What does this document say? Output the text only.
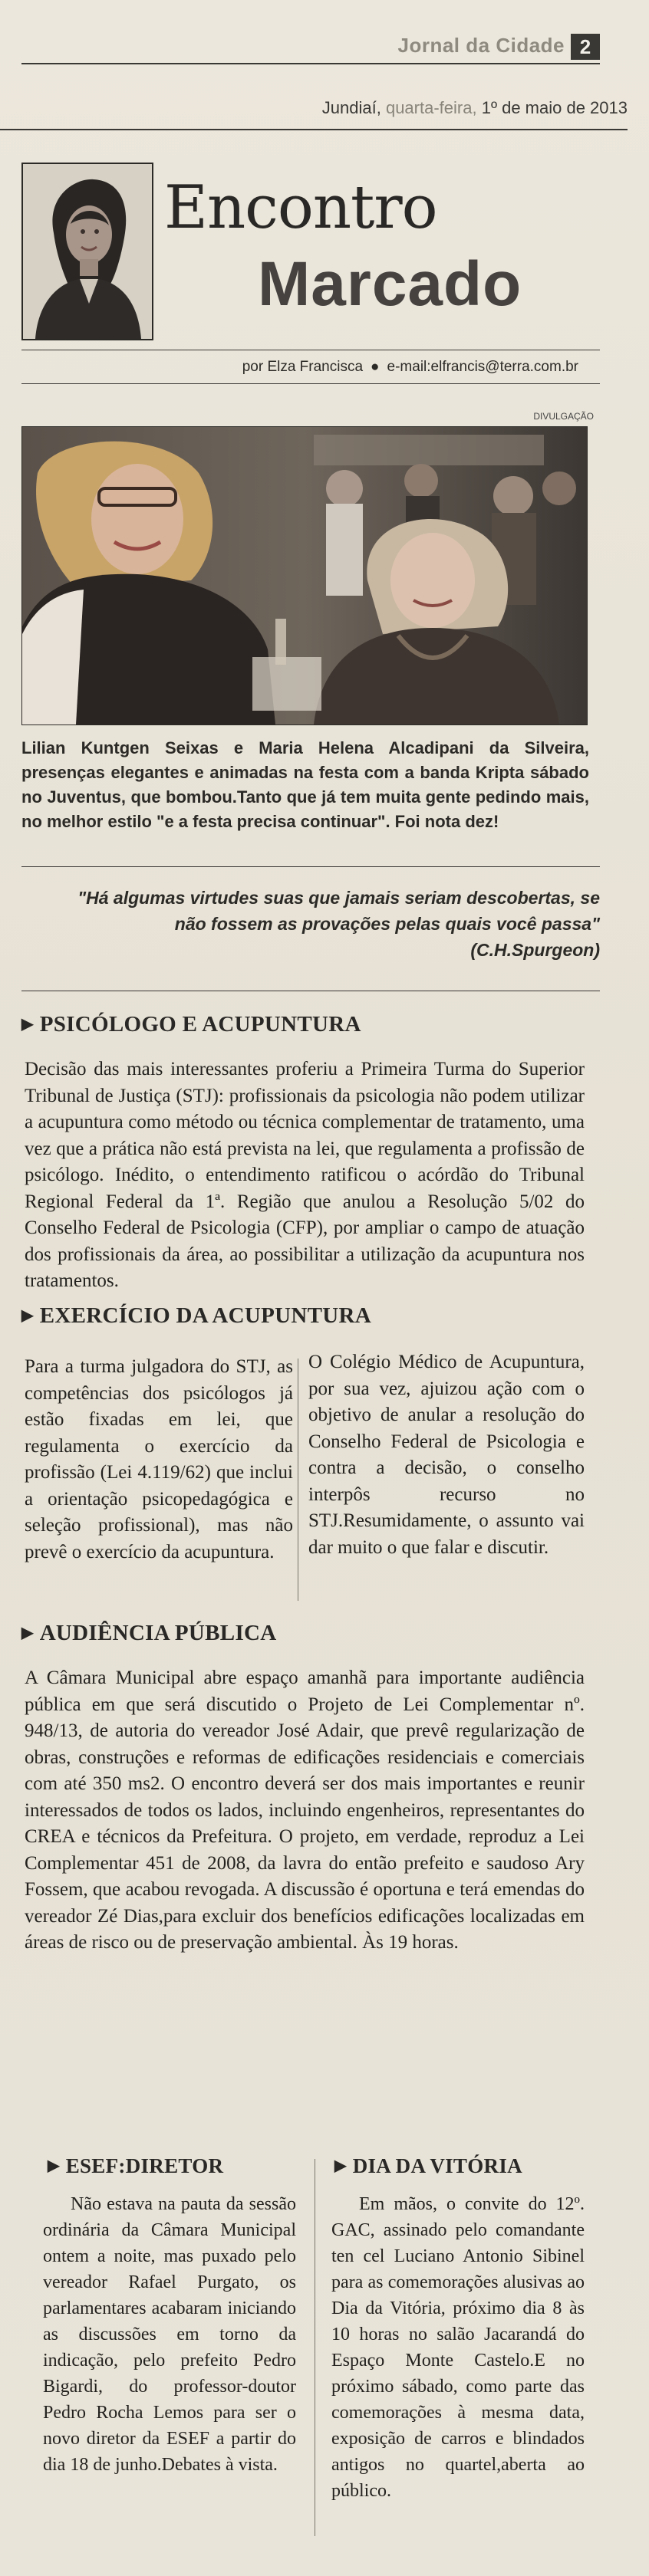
Jornal da Cidade 2
Jundiaí, quarta-feira, 1º de maio de 2013
Encontro
Marcado
por Elza Francisca ● e-mail:elfrancis@terra.com.br
DIVULGAÇÃO
Lilian Kuntgen Seixas e Maria Helena Alcadipani da Silveira, presenças elegantes e animadas na festa com a banda Kripta sábado no Juventus, que bombou.Tanto que já tem muita gente pedindo mais, no melhor estilo "e a festa precisa continuar". Foi nota dez!
"Há algumas virtudes suas que jamais seriam descobertas, se não fossem as provações pelas quais você passa"
(C.H.Spurgeon)
▶ PSICÓLOGO E ACUPUNTURA
Decisão das mais interessantes proferiu a Primeira Turma do Superior Tribunal de Justiça (STJ): profissionais da psicologia não podem utilizar a acupuntura como método ou técnica complementar de tratamento, uma vez que a prática não está prevista na lei, que regulamenta a profissão de psicólogo. Inédito, o entendimento ratificou o acórdão do Tribunal Regional Federal da 1ª. Região que anulou a Resolução 5/02 do Conselho Federal de Psicologia (CFP), por ampliar o campo de atuação dos profissionais da área, ao possibilitar a utilização da acupuntura nos tratamentos.
▶ EXERCÍCIO DA ACUPUNTURA
Para a turma julgadora do STJ, as competências dos psicólogos já estão fixadas em lei, que regulamenta o exercício da profissão (Lei 4.119/62) que inclui a orientação psicopedagógica e seleção profissional), mas não prevê o exercício da acupuntura.
O Colégio Médico de Acupuntura, por sua vez, ajuizou ação com o objetivo de anular a resolução do Conselho Federal de Psicologia e contra a decisão, o conselho interpôs recurso no STJ.Resumidamente, o assunto vai dar muito o que falar e discutir.
▶ AUDIÊNCIA PÚBLICA
A Câmara Municipal abre espaço amanhã para importante audiência pública em que será discutido o Projeto de Lei Complementar nº. 948/13, de autoria do vereador José Adair, que prevê regularização de obras, construções e reformas de edificações residenciais e comerciais com até 350 ms2. O encontro deverá ser dos mais importantes e reunir interessados de todos os lados, incluindo engenheiros, representantes do CREA e técnicos da Prefeitura. O projeto, em verdade, reproduz a Lei Complementar 451 de 2008, da lavra do então prefeito e saudoso Ary Fossem, que acabou revogada. A discussão é oportuna e terá emendas do vereador Zé Dias,para excluir dos benefícios edificações localizadas em áreas de risco ou de preservação ambiental. Às 19 horas.
▶ ESEF:DIRETOR
Não estava na pauta da sessão ordinária da Câmara Municipal ontem a noite, mas puxado pelo vereador Rafael Purgato, os parlamentares acabaram iniciando as discussões em torno da indicação, pelo prefeito Pedro Bigardi, do professor-doutor Pedro Rocha Lemos para ser o novo diretor da ESEF a partir do dia 18 de junho.Debates à vista.
▶ DIA DA VITÓRIA
Em mãos, o convite do 12º. GAC, assinado pelo comandante ten cel Luciano Antonio Sibinel para as comemorações alusivas ao Dia da Vitória, próximo dia 8 às 10 horas no salão Jacarandá do Espaço Monte Castelo.E no próximo sábado, como parte das comemorações à mesma data, exposição de carros e blindados antigos no quartel,aberta ao público.
